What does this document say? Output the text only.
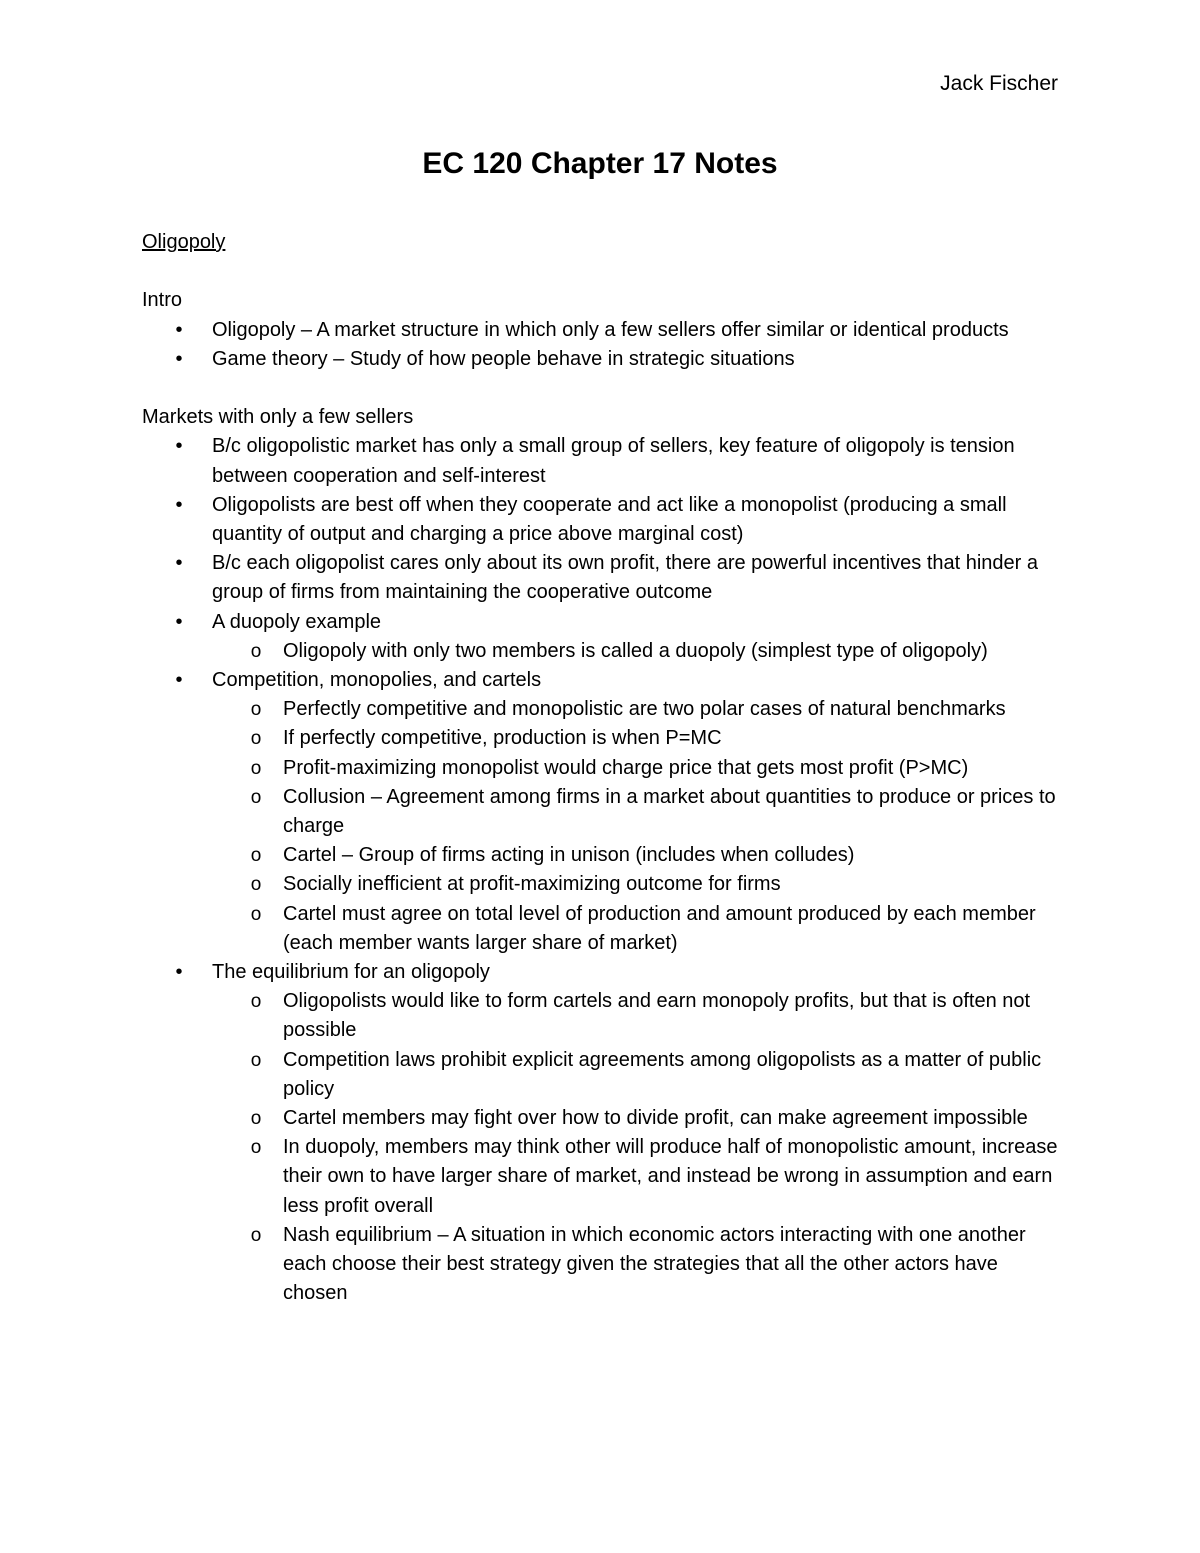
Jack Fischer
EC 120 Chapter 17 Notes

Oligopoly

Intro

• Oligopoly – A market structure in which only a few sellers offer similar or identical products
• Game theory – Study of how people behave in strategic situations

Markets with only a few sellers

• B/c oligopolistic market has only a small group of sellers, key feature of oligopoly is tension between cooperation and self-interest
• Oligopolists are best off when they cooperate and act like a monopolist (producing a small quantity of output and charging a price above marginal cost)
• B/c each oligopolist cares only about its own profit, there are powerful incentives that hinder a group of firms from maintaining the cooperative outcome
• A duopoly example
o Oligopoly with only two members is called a duopoly (simplest type of oligopoly)
• Competition, monopolies, and cartels
o Perfectly competitive and monopolistic are two polar cases of natural benchmarks
o If perfectly competitive, production is when P=MC
o Profit-maximizing monopolist would charge price that gets most profit (P>MC)
o Collusion – Agreement among firms in a market about quantities to produce or prices to charge
o Cartel – Group of firms acting in unison (includes when colludes)
o Socially inefficient at profit-maximizing outcome for firms
o Cartel must agree on total level of production and amount produced by each member (each member wants larger share of market)
• The equilibrium for an oligopoly
o Oligopolists would like to form cartels and earn monopoly profits, but that is often not possible
o Competition laws prohibit explicit agreements among oligopolists as a matter of public policy
o Cartel members may fight over how to divide profit, can make agreement impossible
o In duopoly, members may think other will produce half of monopolistic amount, increase their own to have larger share of market, and instead be wrong in assumption and earn less profit overall
o Nash equilibrium – A situation in which economic actors interacting with one another each choose their best strategy given the strategies that all the other actors have chosen
